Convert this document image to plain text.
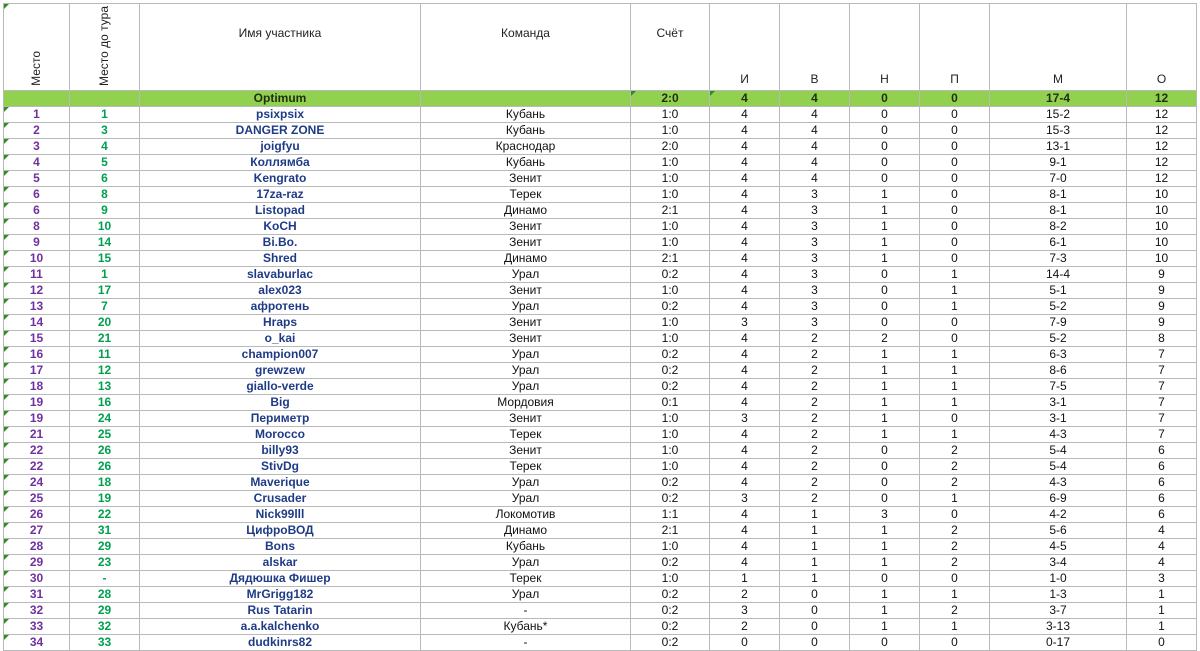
Место	Место до тура	Имя участника	Команда	Счёт	И	В	Н	П	М	О
		Optimum		2:0	4	4	0	0	17-4	12
1	1	psixpsix	Кубань	1:0	4	4	0	0	15-2	12
2	3	DANGER ZONE	Кубань	1:0	4	4	0	0	15-3	12
3	4	joigfyu	Краснодар	2:0	4	4	0	0	13-1	12
4	5	Коллямба	Кубань	1:0	4	4	0	0	9-1	12
5	6	Kengrato	Зенит	1:0	4	4	0	0	7-0	12
6	8	17za-raz	Терек	1:0	4	3	1	0	8-1	10
6	9	Listopad	Динамо	2:1	4	3	1	0	8-1	10
8	10	KoCH	Зенит	1:0	4	3	1	0	8-2	10
9	14	Bi.Bo.	Зенит	1:0	4	3	1	0	6-1	10
10	15	Shred	Динамо	2:1	4	3	1	0	7-3	10
11	1	slavaburlac	Урал	0:2	4	3	0	1	14-4	9
12	17	alex023	Зенит	1:0	4	3	0	1	5-1	9
13	7	афротень	Урал	0:2	4	3	0	1	5-2	9
14	20	Hraps	Зенит	1:0	3	3	0	0	7-9	9
15	21	o_kai	Зенит	1:0	4	2	2	0	5-2	8
16	11	champion007	Урал	0:2	4	2	1	1	6-3	7
17	12	grewzew	Урал	0:2	4	2	1	1	8-6	7
18	13	giallo-verde	Урал	0:2	4	2	1	1	7-5	7
19	16	Big	Мордовия	0:1	4	2	1	1	3-1	7
19	24	Периметр	Зенит	1:0	3	2	1	0	3-1	7
21	25	Morocco	Терек	1:0	4	2	1	1	4-3	7
22	26	billy93	Зенит	1:0	4	2	0	2	5-4	6
22	26	StivDg	Терек	1:0	4	2	0	2	5-4	6
24	18	Maverique	Урал	0:2	4	2	0	2	4-3	6
25	19	Crusader	Урал	0:2	3	2	0	1	6-9	6
26	22	Nick99lll	Локомотив	1:1	4	1	3	0	4-2	6
27	31	ЦифроВОД	Динамо	2:1	4	1	1	2	5-6	4
28	29	Bons	Кубань	1:0	4	1	1	2	4-5	4
29	23	alskar	Урал	0:2	4	1	1	2	3-4	4
30	-	Дядюшка Фишер	Терек	1:0	1	1	0	0	1-0	3
31	28	MrGrigg182	Урал	0:2	2	0	1	1	1-3	1
32	29	Rus Tatarin	-	0:2	3	0	1	2	3-7	1
33	32	a.a.kalchenko	Кубань*	0:2	2	0	1	1	3-13	1
34	33	dudkinrs82	-	0:2	0	0	0	0	0-17	0
